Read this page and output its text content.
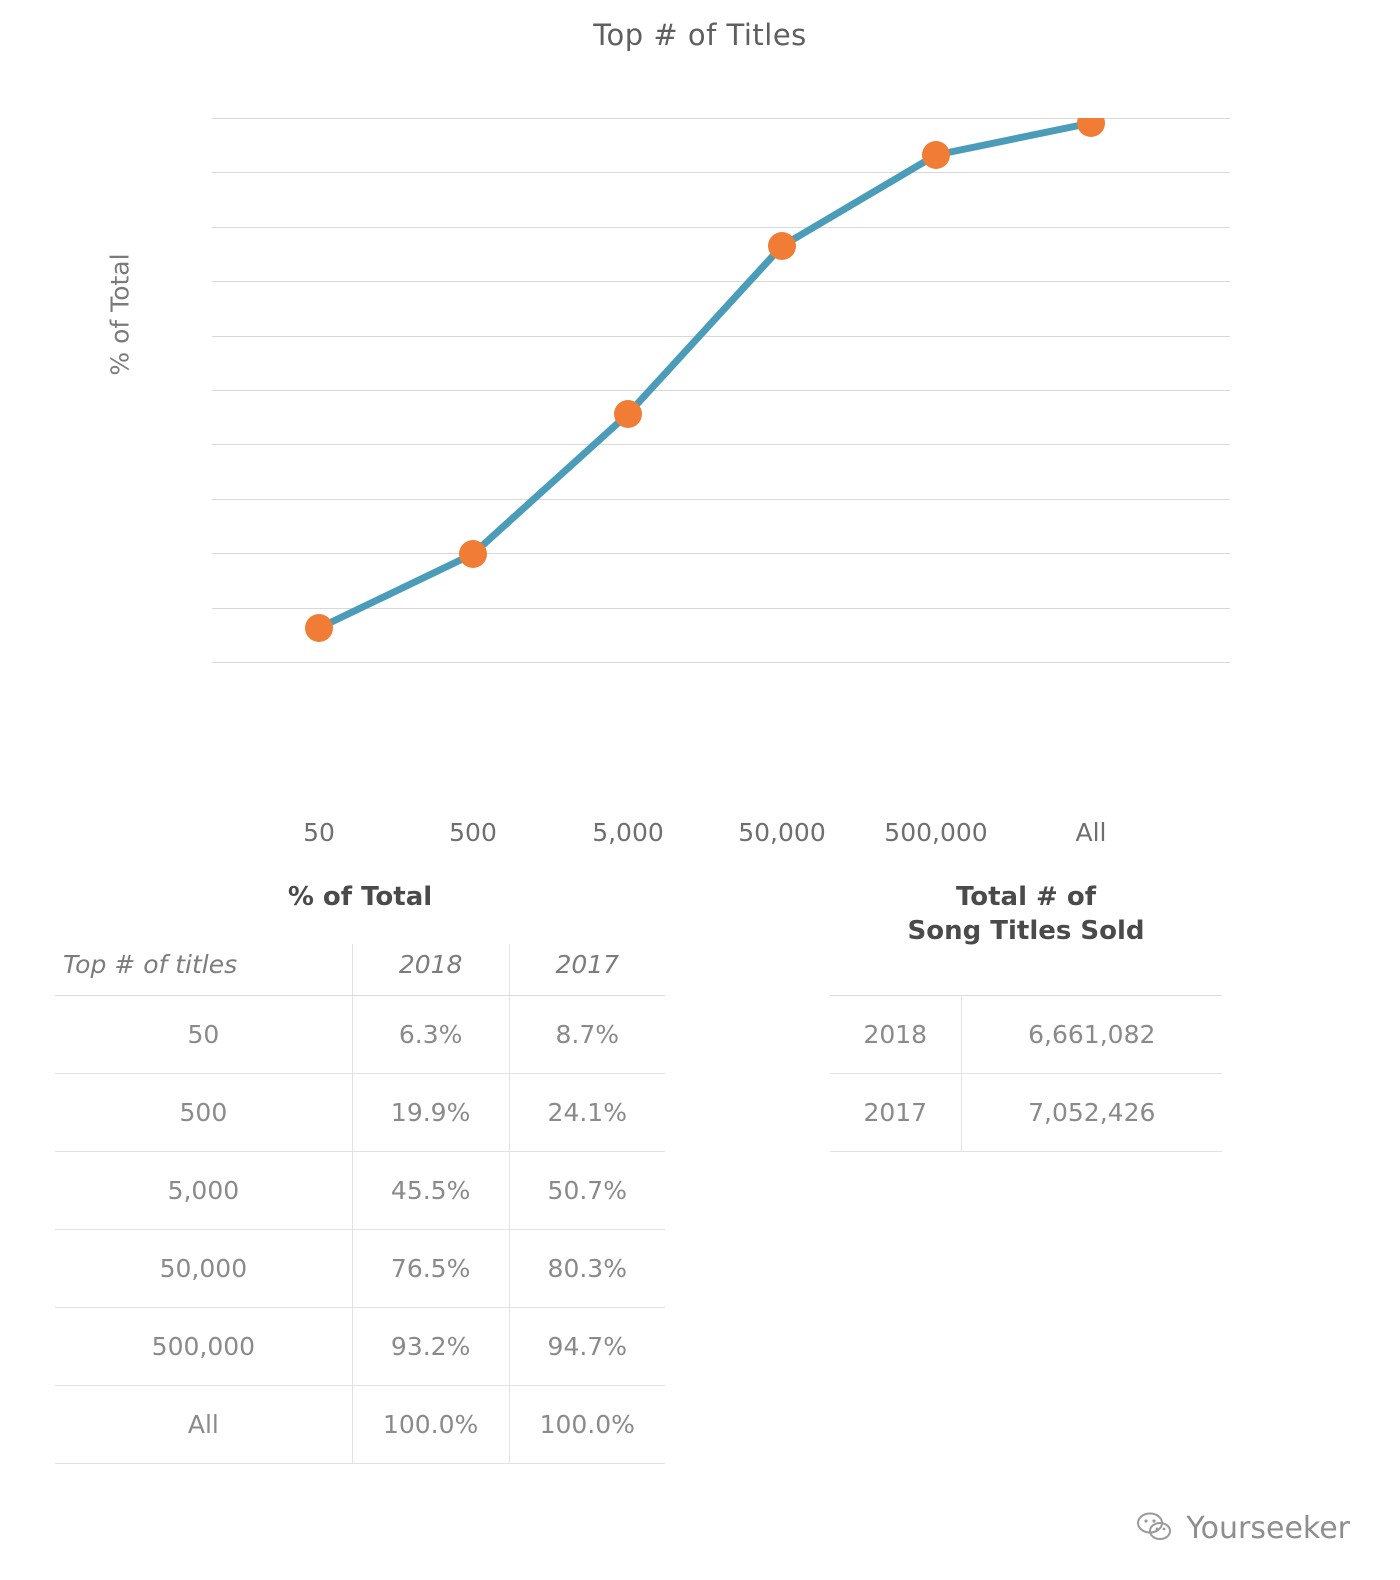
Top # of Titles
% of Total
50	500	5,000	50,000	500,000	All
% of Total
Top # of titles	2018	2017
50	6.3%	8.7%
500	19.9%	24.1%
5,000	45.5%	50.7%
50,000	76.5%	80.3%
500,000	93.2%	94.7%
All	100.0%	100.0%
Total # of
Song Titles Sold
2018	6,661,082
2017	7,052,426
Yourseeker
